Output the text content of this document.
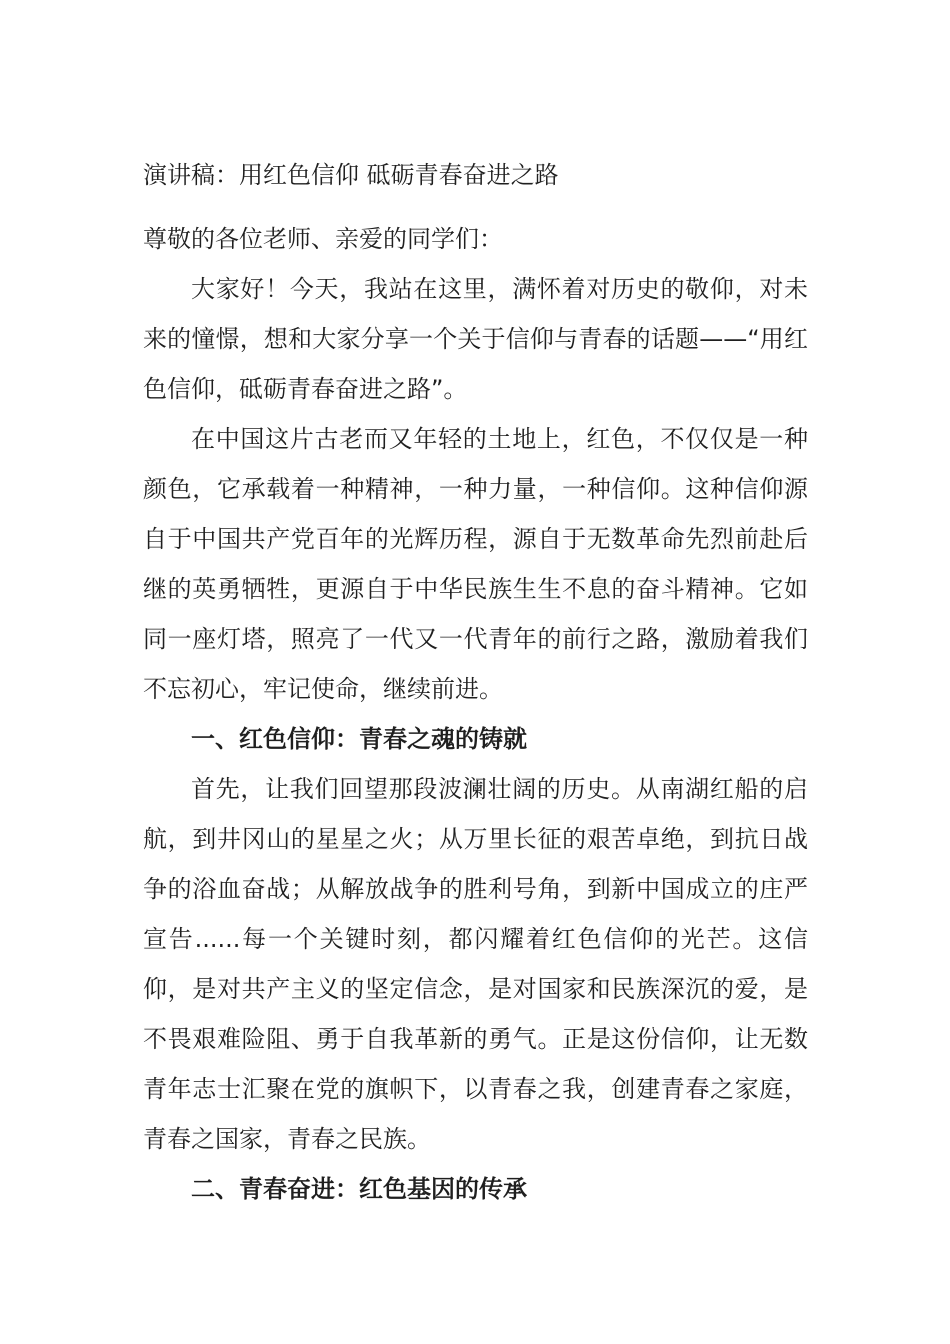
演讲稿：用红色信仰 砥砺青春奋进之路

尊敬的各位老师、亲爱的同学们：

大家好！今天，我站在这里，满怀着对历史的敬仰，对未来的憧憬，想和大家分享一个关于信仰与青春的话题——“用红色信仰，砥砺青春奋进之路”。

在中国这片古老而又年轻的土地上，红色，不仅仅是一种颜色，它承载着一种精神，一种力量，一种信仰。这种信仰源自于中国共产党百年的光辉历程，源自于无数革命先烈前赴后继的英勇牺牲，更源自于中华民族生生不息的奋斗精神。它如同一座灯塔，照亮了一代又一代青年的前行之路，激励着我们不忘初心，牢记使命，继续前进。

一、红色信仰：青春之魂的铸就

首先，让我们回望那段波澜壮阔的历史。从南湖红船的启航，到井冈山的星星之火；从万里长征的艰苦卓绝，到抗日战争的浴血奋战；从解放战争的胜利号角，到新中国成立的庄严宣告......每一个关键时刻，都闪耀着红色信仰的光芒。这信仰，是对共产主义的坚定信念，是对国家和民族深沉的爱，是不畏艰难险阻、勇于自我革新的勇气。正是这份信仰，让无数青年志士汇聚在党的旗帜下，以青春之我，创建青春之家庭，青春之国家，青春之民族。

二、青春奋进：红色基因的传承
